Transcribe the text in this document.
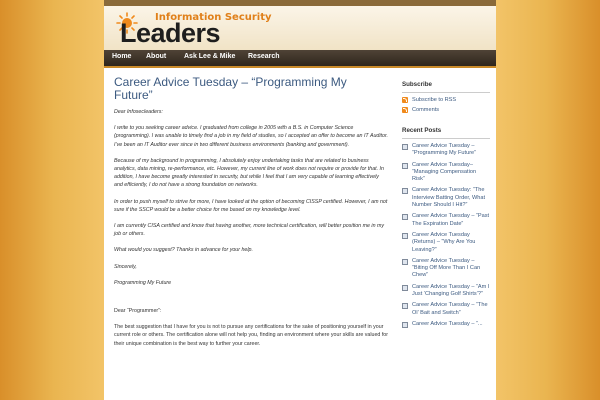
Information Security
Leaders
Home About	Ask Lee & Mike Research
Career Advice Tuesday – “Programming My Future”

Dear Infosecleaders:

I write to you seeking career advice. I graduated from college in 2005 with a B.S. in Computer Science (programming). I was unable to timely find a job in my field of studies, so I accepted an offer to become an IT Auditor. I’ve been an IT Auditor ever since in two different business environments (banking and government).

Because of my background in programming, I absolutely enjoy undertaking tasks that are related to business analytics, data mining, re-performance, etc. However, my current line of work does not require or provide for that. In addition, I have become greatly interested in security, but while I feel that I am very capable of learning effectively and efficiently, I do not have a strong foundation on networks.

In order to push myself to strive for more, I have looked at the option of becoming CISSP certified. However, I am not sure if the SSCP would be a better choice for me based on my knowledge level.

I am currently CISA certified and know that having another, more technical certification, will better position me in my job or others.

What would you suggest? Thanks in advance for your help.

Sincerely,

Programming My Future

Dear “Programmer”:

The best suggestion that I have for you is not to pursue any certifications for the sake of positioning yourself in your current role or others. The certification alone will not help you, finding an environment where your skills are valued for their unique combination is the best way to further your career.

Subscribe
Subscribe to RSS
Comments
Recent Posts
Career Advice Tuesday – “Programming My Future”
Career Advice Tuesday– “Managing Compensation Risk”
Career Advice Tuesday: “The Interview Batting Order, What Number Should I Hit?”
Career Advice Tuesday – “Past The Expiration Date”
Career Advice Tuesday (Returns) – “Why Are You Leaving?”
Career Advice Tuesday – “Biting Off More Than I Can Chew”
Career Advice Tuesday – “Am I Just ‘Changing Golf Shirts’?”
Career Advice Tuesday – “The Ol’ Bait and Switch”
Career Advice Tuesday – “...
